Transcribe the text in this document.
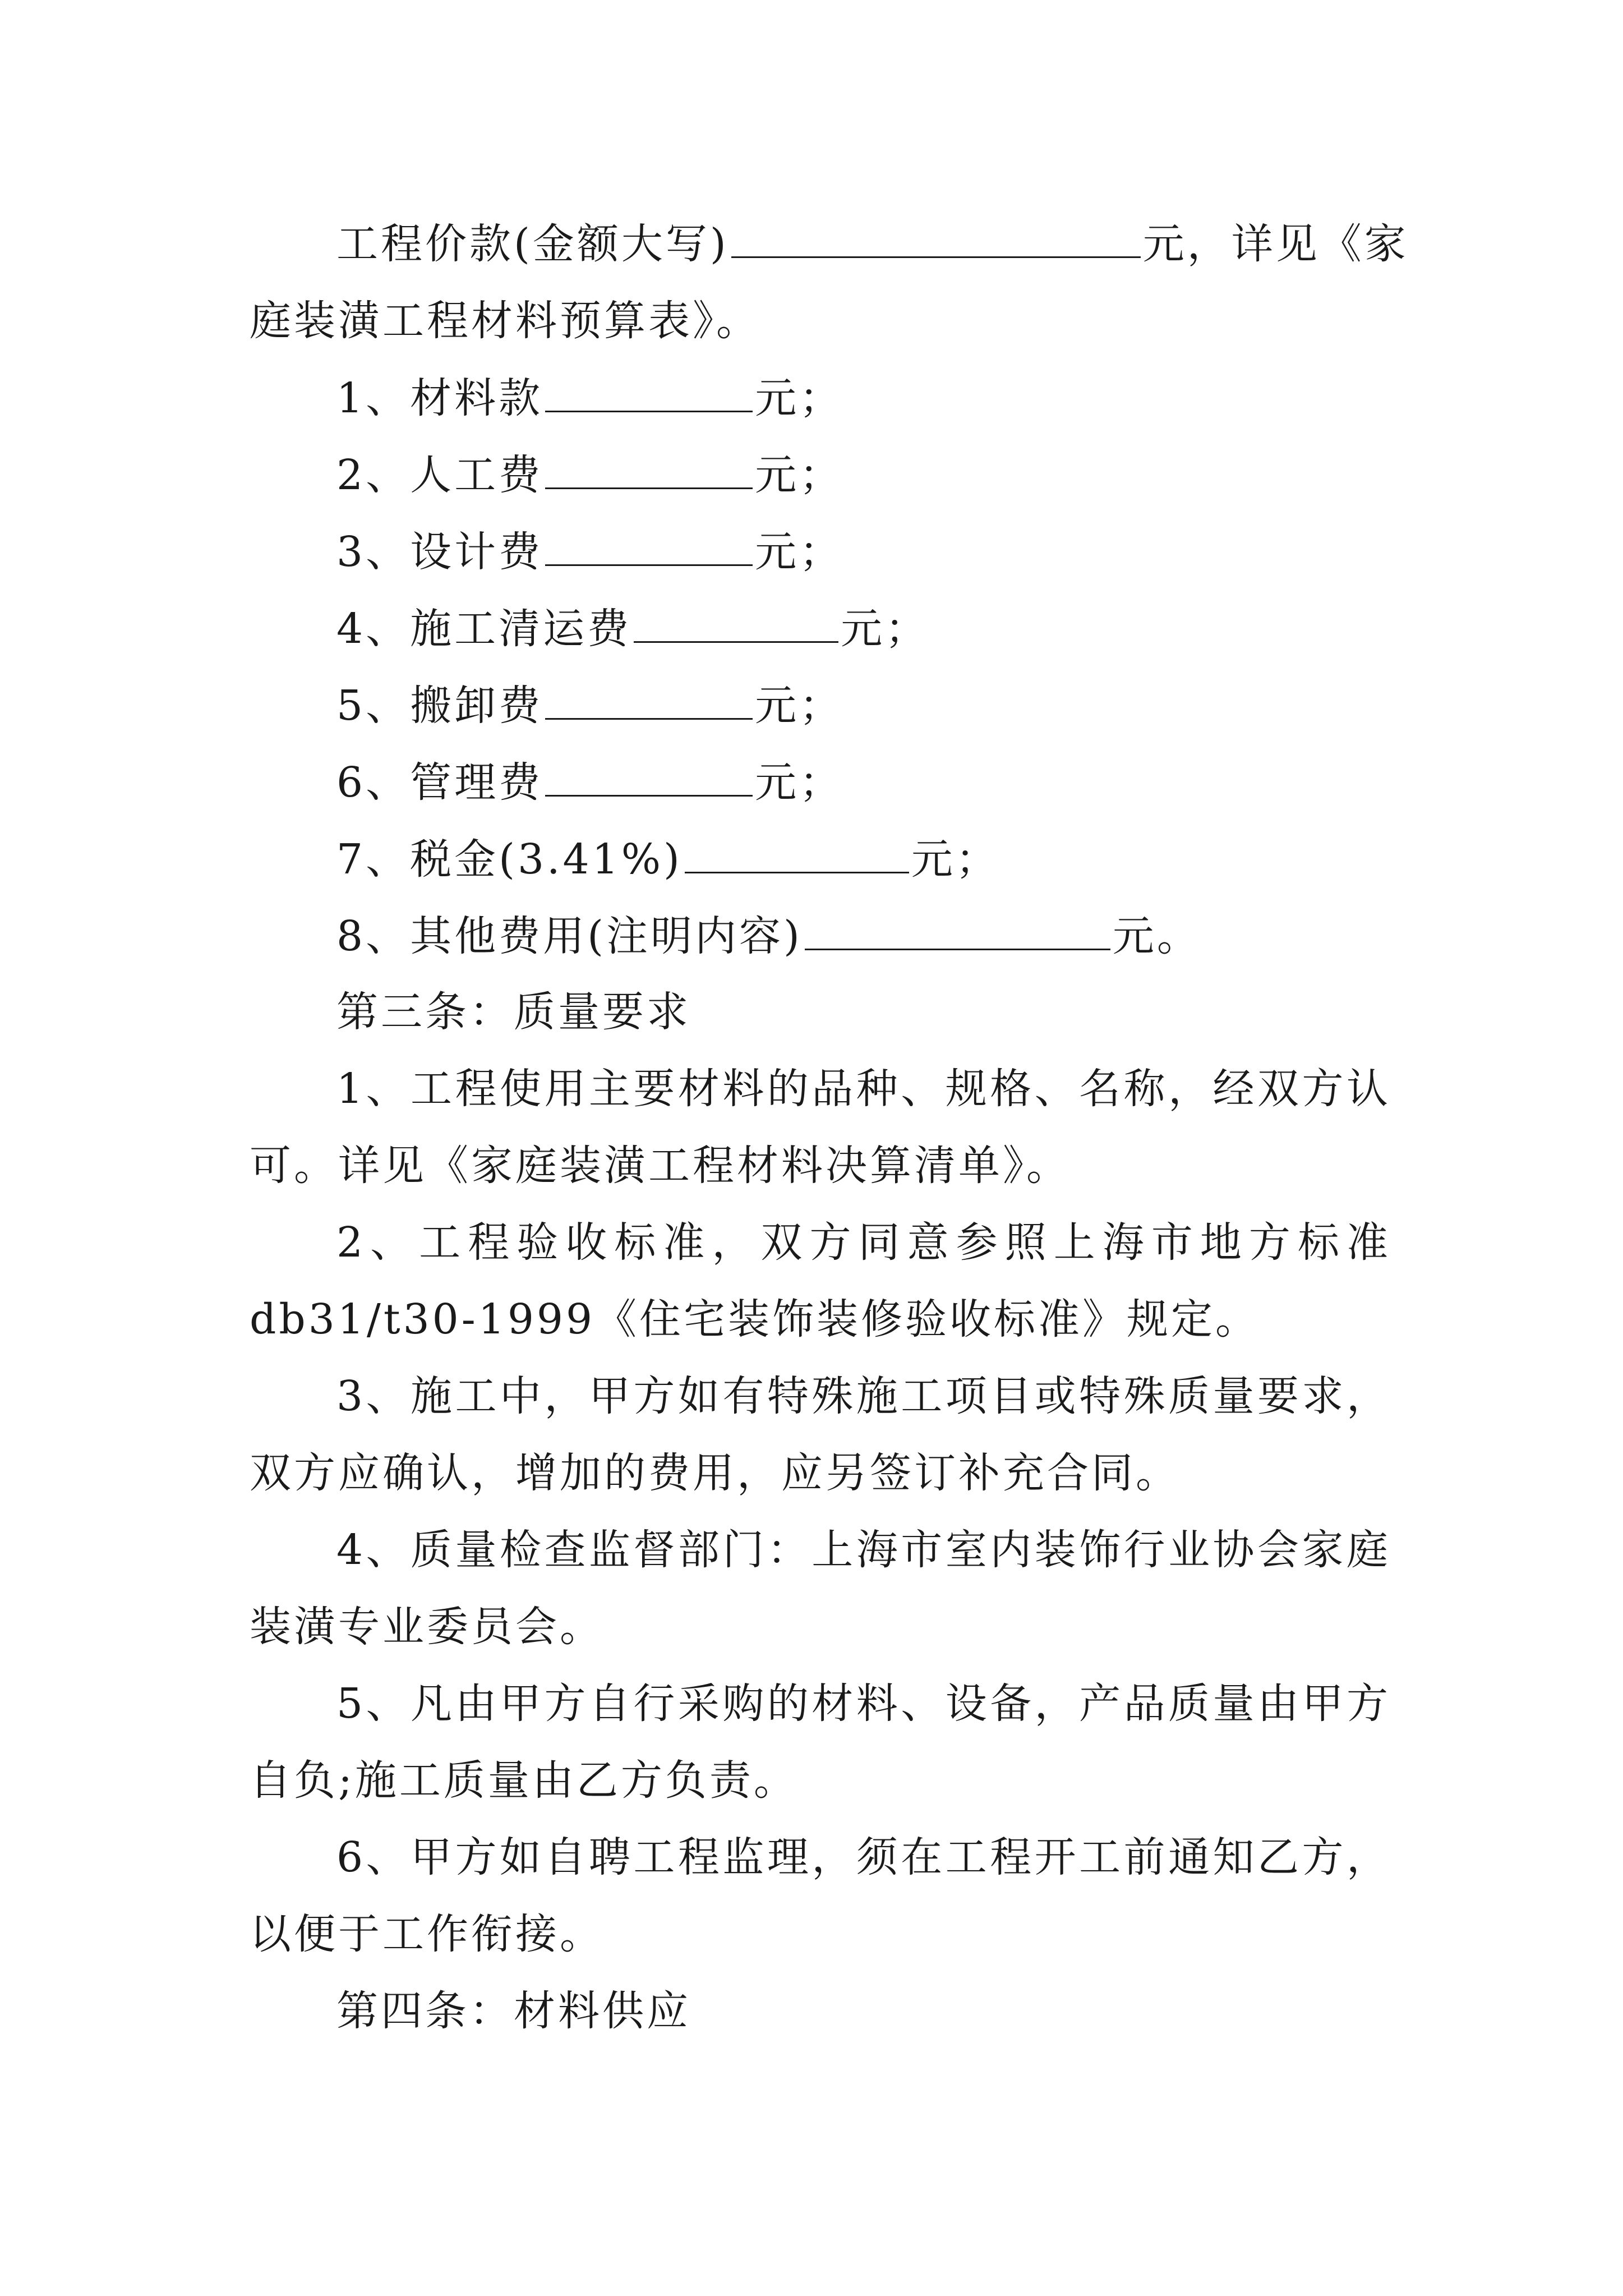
工程价款(金额大写)	元，详见《家
庭装潢工程材料预算表》。
1、材料款	元；
2、人工费	元；
3、设计费	元；
4、施工清运费	元；
5、搬卸费	元；
6、管理费	元；
7、税金(3.41%)	元；
8、其他费用(注明内容)	元。
第三条：质量要求
1、工程使用主要材料的品种、规格、名称，经双方认
可。详见《家庭装潢工程材料决算清单》。
2、工程验收标准，双方同意参照上海市地方标准
db31/t30-1999《住宅装饰装修验收标准》规定。
3、施工中，甲方如有特殊施工项目或特殊质量要求，
双方应确认，增加的费用，应另签订补充合同。
4、质量检查监督部门：上海市室内装饰行业协会家庭
装潢专业委员会。
5、凡由甲方自行采购的材料、设备，产品质量由甲方
自负;施工质量由乙方负责。
6、甲方如自聘工程监理，须在工程开工前通知乙方，
以便于工作衔接。
第四条：材料供应
